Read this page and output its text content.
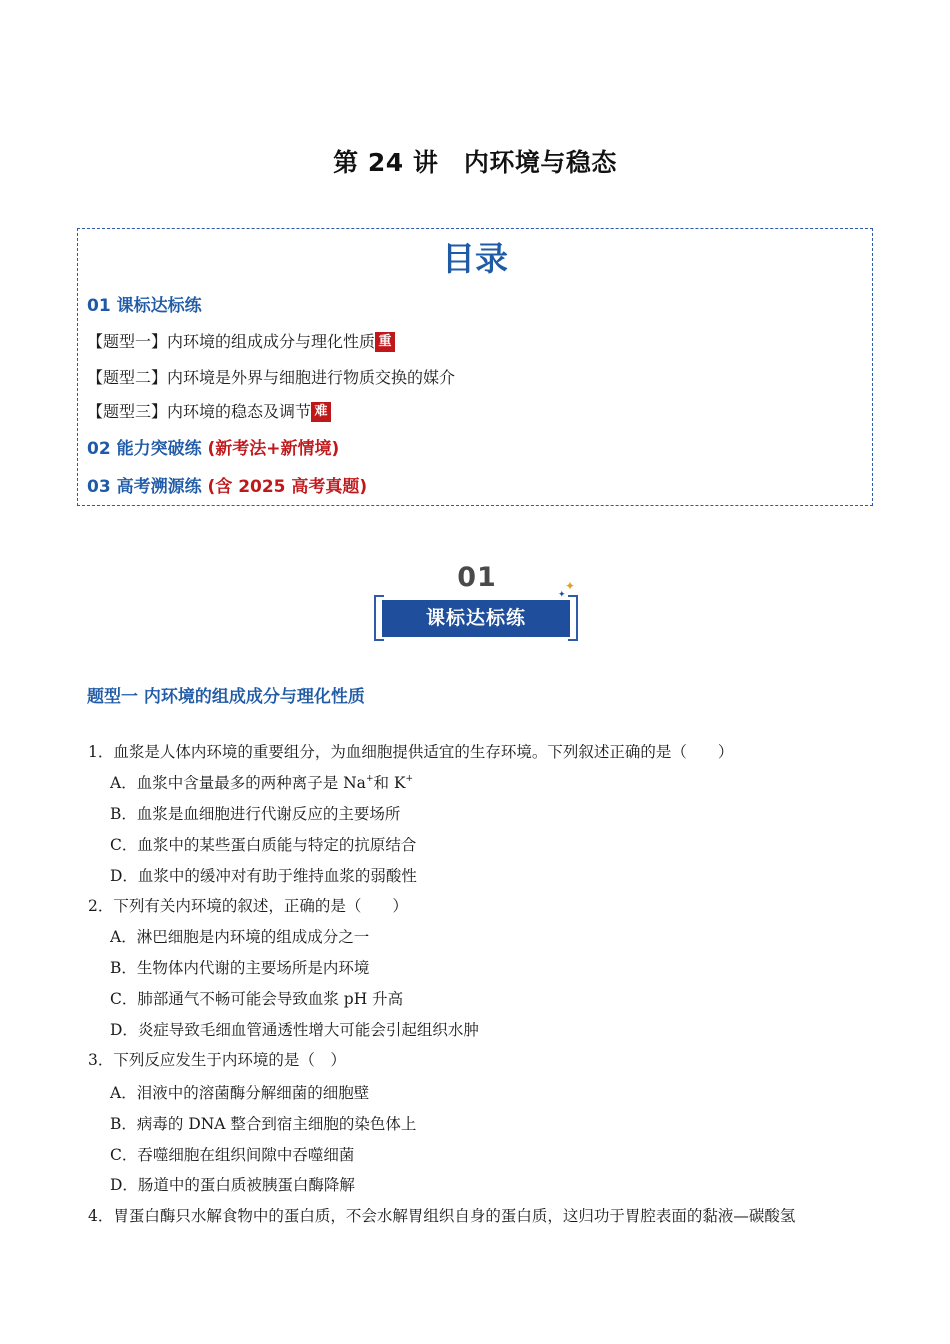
第 24 讲　内环境与稳态
目录
01 课标达标练
【题型一】内环境的组成成分与理化性质 重
【题型二】内环境是外界与细胞进行物质交换的媒介
【题型三】内环境的稳态及调节 难
02 能力突破练 (新考法+新情境)
03 高考溯源练 (含 2025 高考真题)
01
课标达标练
✦
✦
题型一 内环境的组成成分与理化性质
1．血浆是人体内环境的重要组分，为血细胞提供适宜的生存环境。下列叙述正确的是（　　）
A．血浆中含量最多的两种离子是 Na+和 K+
B．血浆是血细胞进行代谢反应的主要场所
C．血浆中的某些蛋白质能与特定的抗原结合
D．血浆中的缓冲对有助于维持血浆的弱酸性
2．下列有关内环境的叙述，正确的是（　　）
A．淋巴细胞是内环境的组成成分之一
B．生物体内代谢的主要场所是内环境
C．肺部通气不畅可能会导致血浆 pH 升高
D．炎症导致毛细血管通透性增大可能会引起组织水肿
3．下列反应发生于内环境的是（　）
A．泪液中的溶菌酶分解细菌的细胞壁
B．病毒的 DNA 整合到宿主细胞的染色体上
C．吞噬细胞在组织间隙中吞噬细菌
D．肠道中的蛋白质被胰蛋白酶降解
4．胃蛋白酶只水解食物中的蛋白质，不会水解胃组织自身的蛋白质，这归功于胃腔表面的黏液—碳酸氢
